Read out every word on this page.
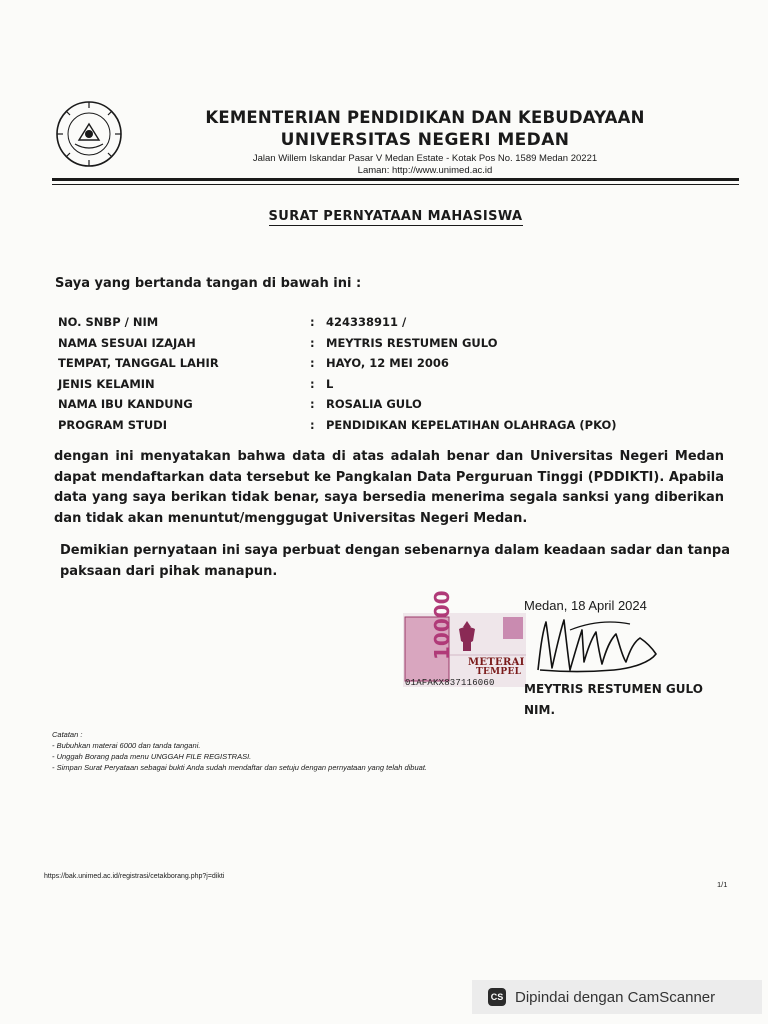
KEMENTERIAN PENDIDIKAN DAN KEBUDAYAAN
UNIVERSITAS NEGERI MEDAN
Jalan Willem Iskandar Pasar V Medan Estate - Kotak Pos No. 1589 Medan 20221
Laman: http://www.unimed.ac.id
SURAT PERNYATAAN MAHASISWA
Saya yang bertanda tangan di bawah ini :
NO. SNBP / NIM	: 424338911 /
NAMA SESUAI IZAJAH	: MEYTRIS RESTUMEN GULO
TEMPAT, TANGGAL LAHIR	: HAYO, 12 MEI 2006
JENIS KELAMIN	: L
NAMA IBU KANDUNG	: ROSALIA GULO
PROGRAM STUDI	: PENDIDIKAN KEPELATIHAN OLAHRAGA (PKO)
dengan ini menyatakan bahwa data di atas adalah benar dan Universitas Negeri Medan dapat mendaftarkan data tersebut ke Pangkalan Data Perguruan Tinggi (PDDIKTI). Apabila data yang saya berikan tidak benar, saya bersedia menerima segala sanksi yang diberikan dan tidak akan menuntut/menggugat Universitas Negeri Medan.
Demikian pernyataan ini saya perbuat dengan sebenarnya dalam keadaan sadar dan tanpa paksaan dari pihak manapun.
Medan, 18 April 2024
10000
METERAI
TEMPEL
01AFAKX837116060 MEYTRIS RESTUMEN GULO
NIM.
Catatan :
- Bubuhkan materai 6000 dan tanda tangani.
- Unggah Borang pada menu UNGGAH FILE REGISTRASI.
- Simpan Surat Peryataan sebagai bukti Anda sudah mendaftar dan setuju dengan pernyataan yang telah dibuat.
https://bak.unimed.ac.id/registrasi/cetakborang.php?j=dikti
1/1
CS Dipindai dengan CamScanner
